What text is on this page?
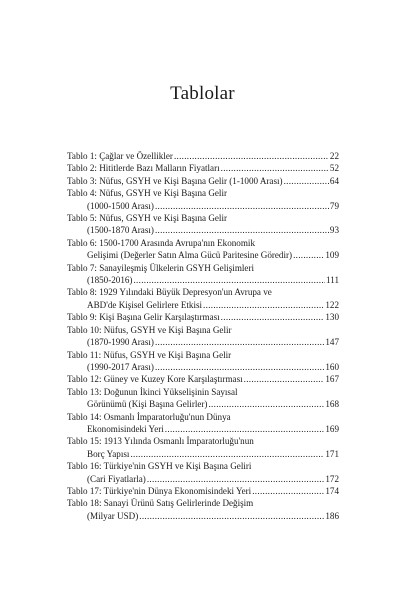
Tablolar
Tablo 1: Çağlar ve Özellikler .....	22
Tablo 2: Hititlerde Bazı Malların Fiyatları .....	52
Tablo 3: Nüfus, GSYH ve Kişi Başına Gelir (1-1000 Arası) .....	64
Tablo 4: Nüfus, GSYH ve Kişi Başına Gelir
(1000-1500 Arası) .....	79
Tablo 5: Nüfus, GSYH ve Kişi Başına Gelir
(1500-1870 Arası) .....	93
Tablo 6: 1500-1700 Arasında Avrupa'nın Ekonomik
Gelişimi (Değerler Satın Alma Gücü Paritesine Göredir) .....	109
Tablo 7: Sanayileşmiş Ülkelerin GSYH Gelişimleri
(1850-2016) .....	111
Tablo 8: 1929 Yılındaki Büyük Depresyon'un Avrupa ve
ABD'de Kişisel Gelirlere Etkisi .....	122
Tablo 9: Kişi Başına Gelir Karşılaştırması .....	130
Tablo 10: Nüfus, GSYH ve Kişi Başına Gelir
(1870-1990 Arası) .....	147
Tablo 11: Nüfus, GSYH ve Kişi Başına Gelir
(1990-2017 Arası) .....	160
Tablo 12: Güney ve Kuzey Kore Karşılaştırması .....	167
Tablo 13: Doğunun İkinci Yükselişinin Sayısal
Görünümü (Kişi Başına Gelirler) .....	168
Tablo 14: Osmanlı İmparatorluğu'nun Dünya
Ekonomisindeki Yeri .....	169
Tablo 15: 1913 Yılında Osmanlı İmparatorluğu'nun
Borç Yapısı .....	171
Tablo 16: Türkiye'nin GSYH ve Kişi Başına Geliri
(Cari Fiyatlarla) .....	172
Tablo 17: Türkiye'nin Dünya Ekonomisindeki Yeri .....	174
Tablo 18: Sanayi Ürünü Satış Gelirlerinde Değişim
(Milyar USD) .....	186
